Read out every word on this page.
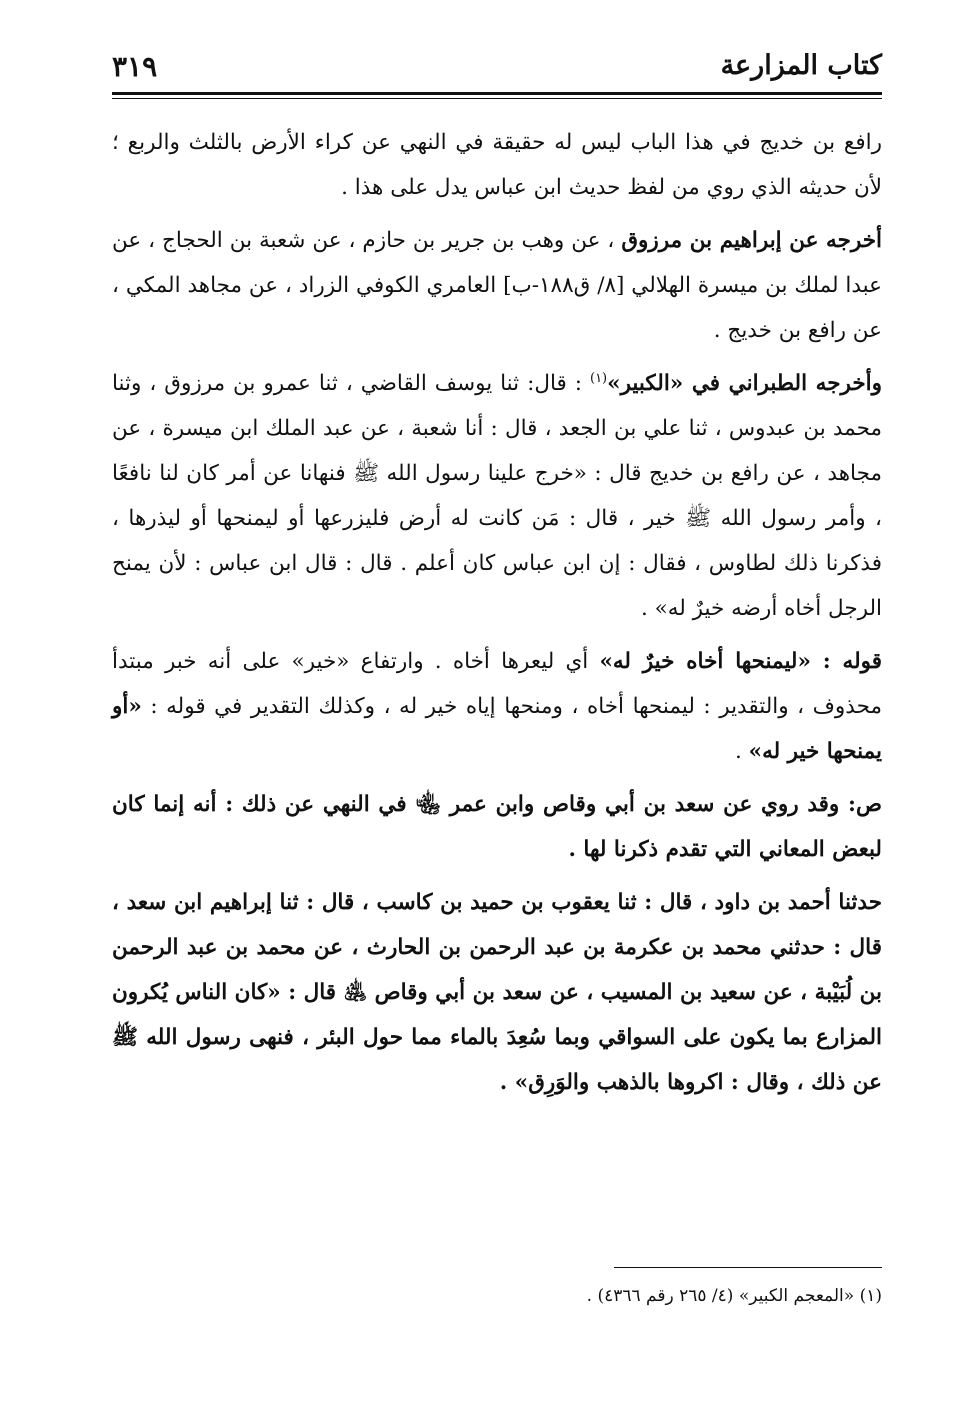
كتاب المزارعة
٣١٩

رافع بن خديج في هذا الباب ليس له حقيقة في النهي عن كراء الأرض بالثلث والربع ؛ لأن حديثه الذي روي من لفظ حديث ابن عباس يدل على هذا .

أخرجه عن إبراهيم بن مرزوق ، عن وهب بن جرير بن حازم ، عن شعبة بن الحجاج ، عن عبدا لملك بن ميسرة الهلالي [٨/ ق١٨٨-ب] العامري الكوفي الزراد ، عن مجاهد المكي ، عن رافع بن خديج .

وأخرجه الطبراني في «الكبير»$^{(١)}$ : قال: ثنا يوسف القاضي ، ثنا عمرو بن مرزوق ، وثنا محمد بن عبدوس ، ثنا علي بن الجعد ، قال : أنا شعبة ، عن عبد الملك ابن ميسرة ، عن مجاهد ، عن رافع بن خديج قال : «خرج علينا رسول الله ﷺ فنهانا عن أمر كان لنا نافعًا ، وأمر رسول الله ﷺ خير ، قال : مَن كانت له أرض فليزرعها أو ليمنحها أو ليذرها ، فذكرنا ذلك لطاوس ، فقال : إن ابن عباس كان أعلم . قال : قال ابن عباس : لأن يمنح الرجل أخاه أرضه خيرٌ له» .

قوله : «ليمنحها أخاه خيرٌ له» أي ليعرها أخاه . وارتفاع «خير» على أنه خبر مبتدأ محذوف ، والتقدير : ليمنحها أخاه ، ومنحها إياه خير له ، وكذلك التقدير في قوله : «أو يمنحها خير له» .

ص: وقد روي عن سعد بن أبي وقاص وابن عمر ﵄ في النهي عن ذلك : أنه إنما كان لبعض المعاني التي تقدم ذكرنا لها .

حدثنا أحمد بن داود ، قال : ثنا يعقوب بن حميد بن كاسب ، قال : ثنا إبراهيم ابن سعد ، قال : حدثني محمد بن عكرمة بن عبد الرحمن بن الحارث ، عن محمد بن عبد الرحمن بن لُبَيْبة ، عن سعيد بن المسيب ، عن سعد بن أبي وقاص ﵁ قال : «كان الناس يُكرون المزارع بما يكون على السواقي وبما سُعِدَ بالماء مما حول البئر ، فنهى رسول الله ﷺ عن ذلك ، وقال : اكروها بالذهب والوَرِق» .

(١) «المعجم الكبير» (٤/ ٢٦٥ رقم ٤٣٦٦) .
